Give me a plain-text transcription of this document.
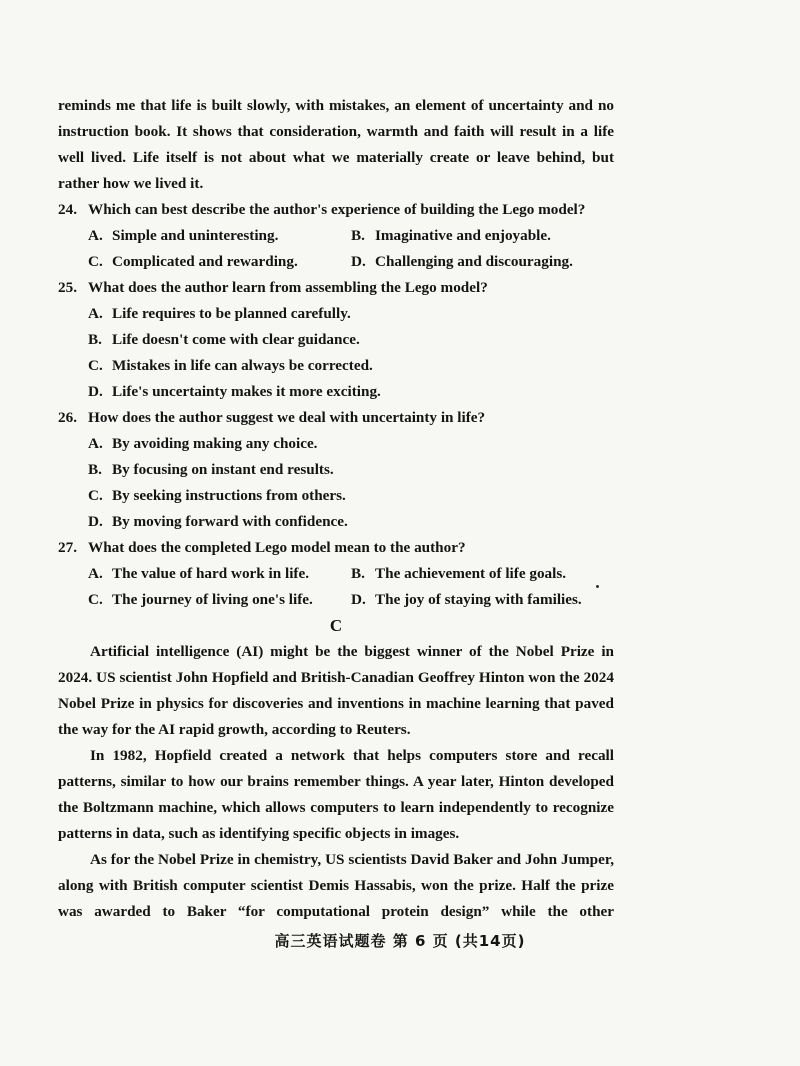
reminds me that life is built slowly, with mistakes, an element of uncertainty and no instruction book. It shows that consideration, warmth and faith will result in a life well lived. Life itself is not about what we materially create or leave behind, but rather how we lived it.

24. Which can best describe the author's experience of building the Lego model?
A. Simple and uninteresting.	B. Imaginative and enjoyable.
C. Complicated and rewarding.	D. Challenging and discouraging.
25. What does the author learn from assembling the Lego model?
A. Life requires to be planned carefully.
B. Life doesn't come with clear guidance.
C. Mistakes in life can always be corrected.
D. Life's uncertainty makes it more exciting.
26. How does the author suggest we deal with uncertainty in life?
A. By avoiding making any choice.
B. By focusing on instant end results.
C. By seeking instructions from others.
D. By moving forward with confidence.
27. What does the completed Lego model mean to the author?
A. The value of hard work in life.	B. The achievement of life goals.
C. The journey of living one's life.	D. The joy of staying with families.

C

Artificial intelligence (AI) might be the biggest winner of the Nobel Prize in 2024. US scientist John Hopfield and British-Canadian Geoffrey Hinton won the 2024 Nobel Prize in physics for discoveries and inventions in machine learning that paved the way for the AI rapid growth, according to Reuters.

In 1982, Hopfield created a network that helps computers store and recall patterns, similar to how our brains remember things. A year later, Hinton developed the Boltzmann machine, which allows computers to learn independently to recognize patterns in data, such as identifying specific objects in images.

As for the Nobel Prize in chemistry, US scientists David Baker and John Jumper, along with British computer scientist Demis Hassabis, won the prize. Half the prize was awarded to Baker “for computational protein design” while the other

高三英语试题卷 第 6 页 (共14页)
